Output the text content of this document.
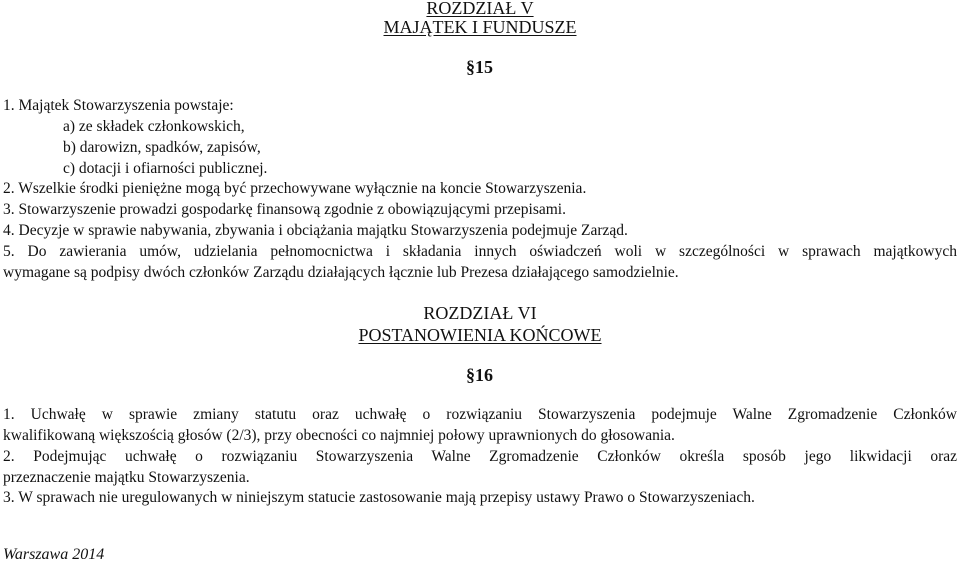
ROZDZIAŁ V
MAJĄTEK I FUNDUSZE
§15
1. Majątek Stowarzyszenia powstaje:
a) ze składek członkowskich,
b) darowizn, spadków, zapisów,
c) dotacji i ofiarności publicznej.
2. Wszelkie środki pieniężne mogą być przechowywane wyłącznie na koncie Stowarzyszenia.
3. Stowarzyszenie prowadzi gospodarkę finansową zgodnie z obowiązującymi przepisami.
4. Decyzje w sprawie nabywania, zbywania i obciążania majątku Stowarzyszenia podejmuje Zarząd.
5. Do zawierania umów, udzielania pełnomocnictwa i składania innych oświadczeń woli w szczególności w sprawach majątkowych
wymagane są podpisy dwóch członków Zarządu działających łącznie lub Prezesa działającego samodzielnie.
ROZDZIAŁ VI
POSTANOWIENIA KOŃCOWE
§16
1. Uchwałę w sprawie zmiany statutu oraz uchwałę o rozwiązaniu Stowarzyszenia podejmuje Walne Zgromadzenie Członków
kwalifikowaną większością głosów (2/3), przy obecności co najmniej połowy uprawnionych do głosowania.
2. Podejmując uchwałę o rozwiązaniu Stowarzyszenia Walne Zgromadzenie Członków określa sposób jego likwidacji oraz
przeznaczenie majątku Stowarzyszenia.
3. W sprawach nie uregulowanych w niniejszym statucie zastosowanie mają przepisy ustawy Prawo o Stowarzyszeniach.
Warszawa 2014
